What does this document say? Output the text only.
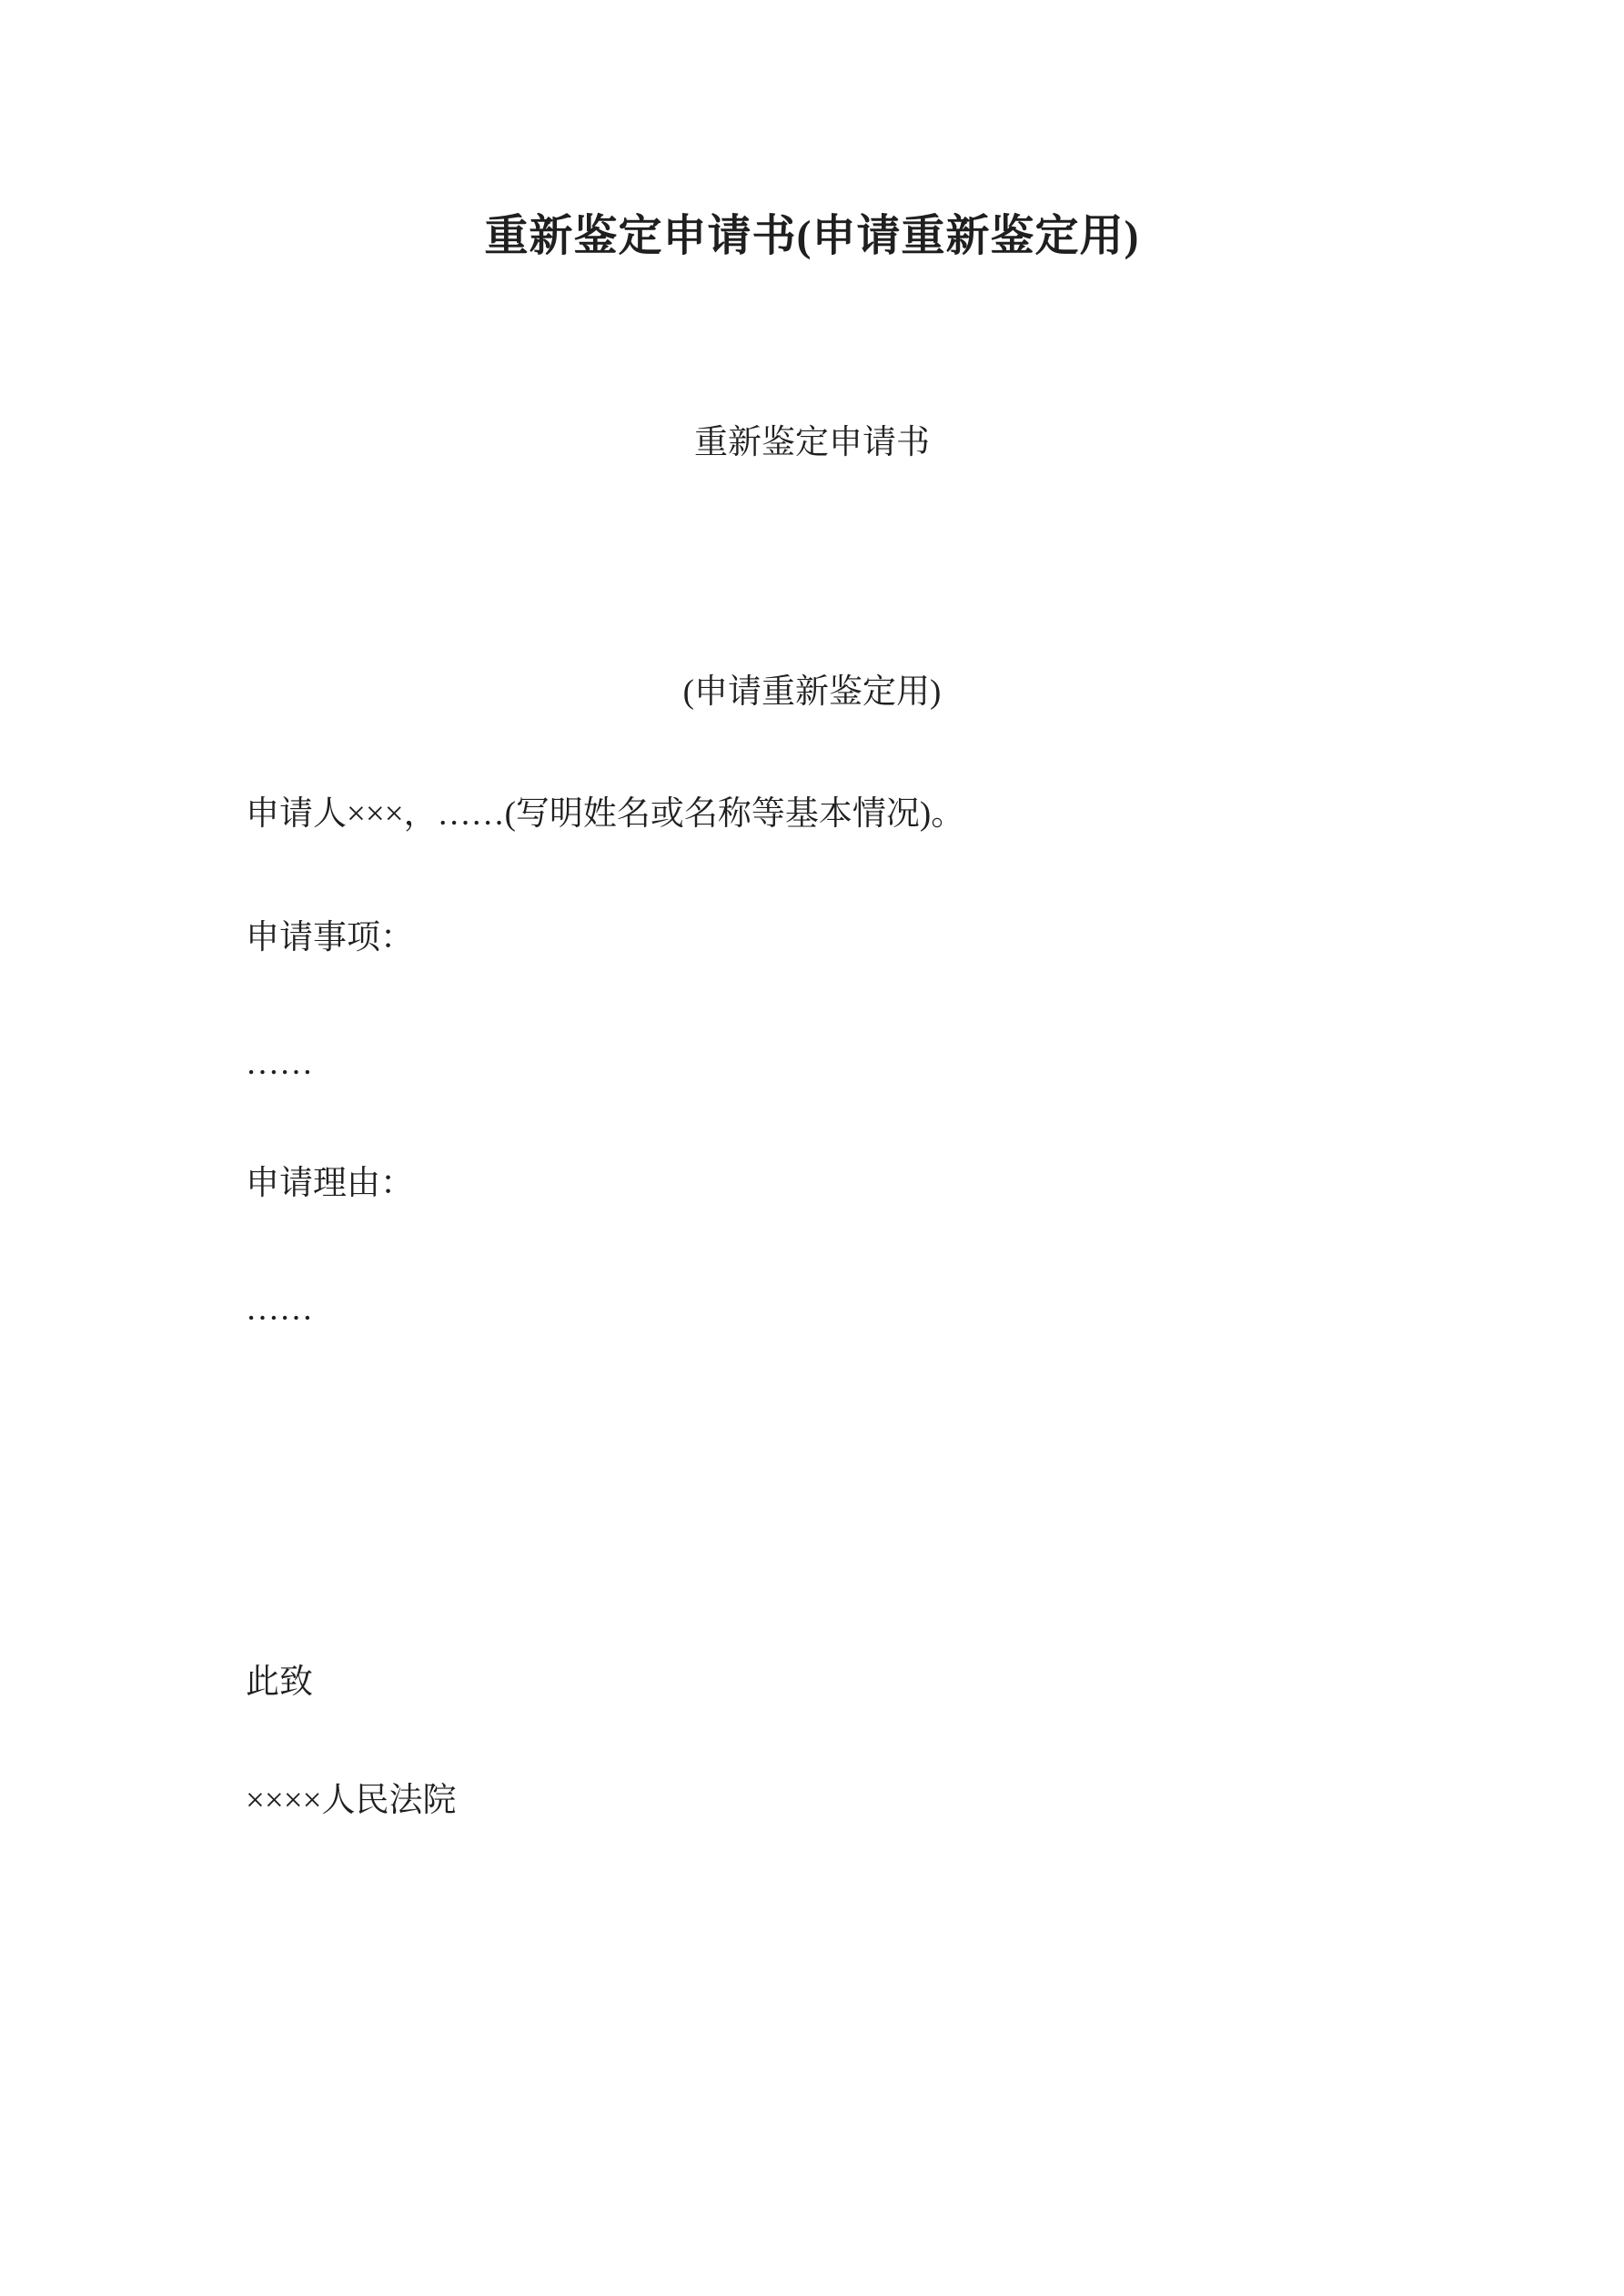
重新鉴定申请书(申请重新鉴定用)
重新鉴定申请书
(申请重新鉴定用)
申请人×××，……(写明姓名或名称等基本情况)。
申请事项：
……
申请理由：
……
此致
××××人民法院
